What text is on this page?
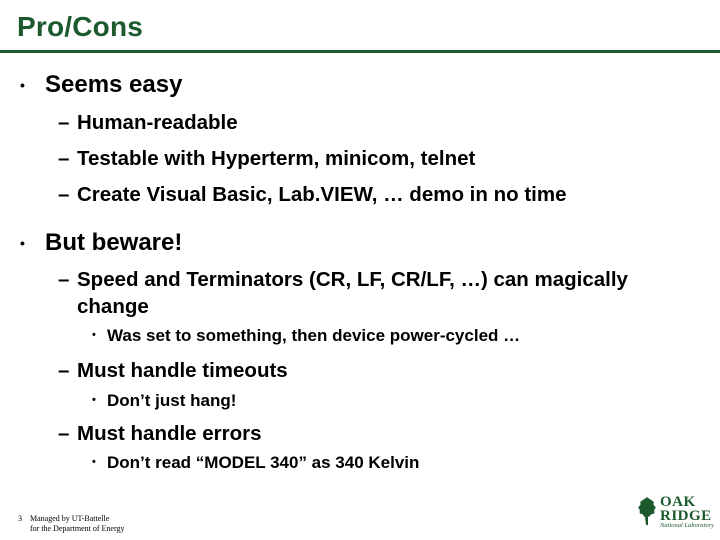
Pro/Cons
• Seems easy
– Human-readable
– Testable with Hyperterm, minicom, telnet
– Create Visual Basic, Lab.VIEW, … demo in no time
• But beware!
– Speed and Terminators (CR, LF, CR/LF, …) can magically change
• Was set to something, then device power-cycled …
– Must handle timeouts
• Don’t just hang!
– Must handle errors
• Don’t read “MODEL 340” as 340 Kelvin
3 Managed by UT-Battelle
for the Department of Energy
OAK
RIDGE
National Laboratory
